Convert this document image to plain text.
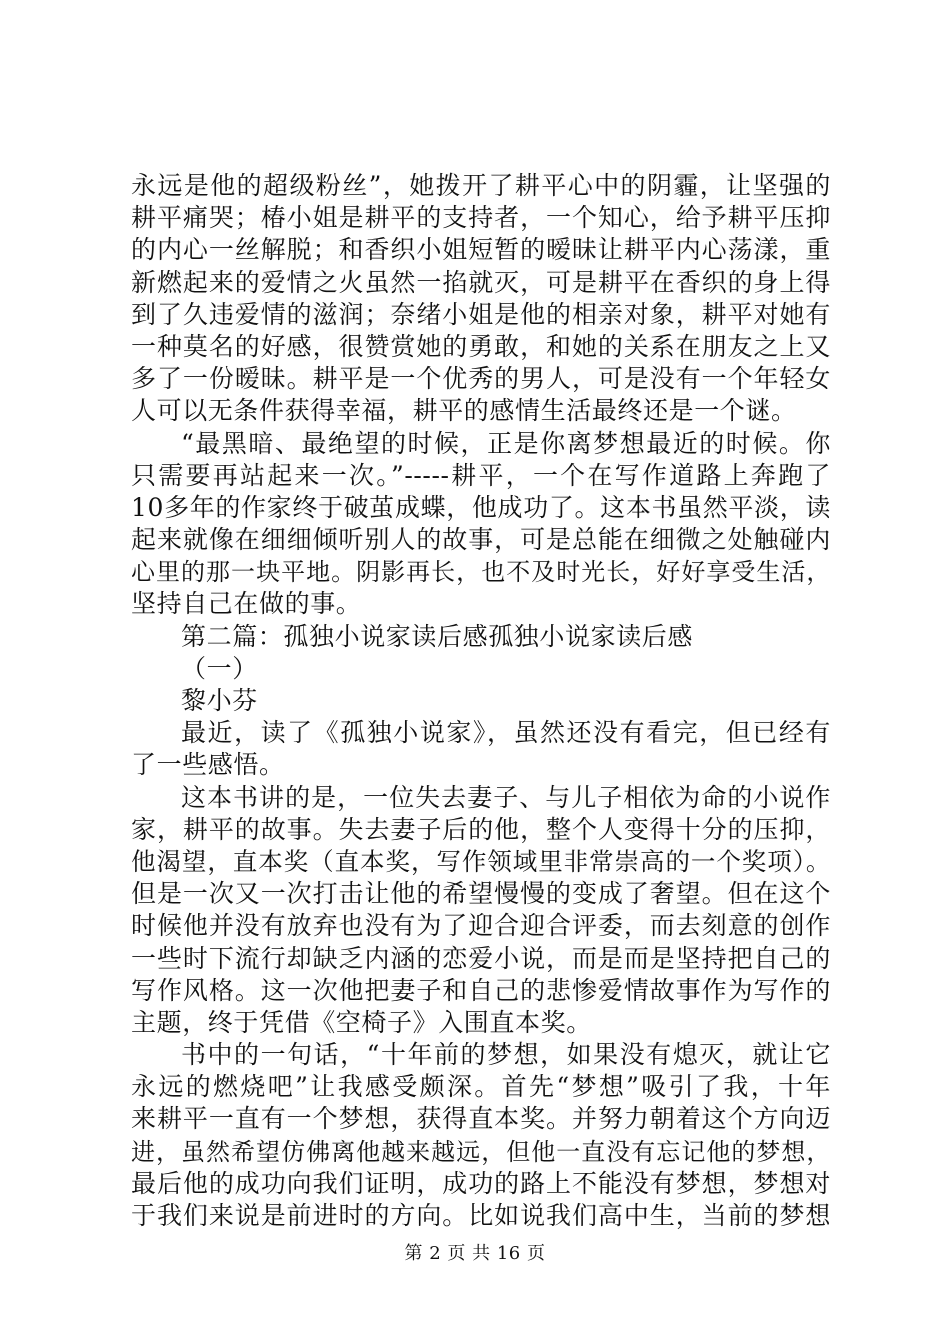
永远是他的超级粉丝”，她拨开了耕平心中的阴霾，让坚强的
耕平痛哭；椿小姐是耕平的支持者，一个知心，给予耕平压抑
的内心一丝解脱；和香织小姐短暂的暧昧让耕平内心荡漾，重
新燃起来的爱情之火虽然一掐就灭，可是耕平在香织的身上得
到了久违爱情的滋润；奈绪小姐是他的相亲对象，耕平对她有
一种莫名的好感，很赞赏她的勇敢，和她的关系在朋友之上又
多了一份暧昧。耕平是一个优秀的男人，可是没有一个年轻女
人可以无条件获得幸福，耕平的感情生活最终还是一个谜。
“最黑暗、最绝望的时候，正是你离梦想最近的时候。你
只需要再站起来一次。”-----耕平，一个在写作道路上奔跑了
10多年的作家终于破茧成蝶，他成功了。这本书虽然平淡，读
起来就像在细细倾听别人的故事，可是总能在细微之处触碰内
心里的那一块平地。阴影再长，也不及时光长，好好享受生活，
坚持自己在做的事。
第二篇：孤独小说家读后感孤独小说家读后感
（一）
黎小芬
最近，读了《孤独小说家》，虽然还没有看完，但已经有
了一些感悟。
这本书讲的是，一位失去妻子、与儿子相依为命的小说作
家，耕平的故事。失去妻子后的他，整个人变得十分的压抑，
他渴望，直本奖（直本奖，写作领域里非常崇高的一个奖项）。
但是一次又一次打击让他的希望慢慢的变成了奢望。但在这个
时候他并没有放弃也没有为了迎合迎合评委，而去刻意的创作
一些时下流行却缺乏内涵的恋爱小说，而是而是坚持把自己的
写作风格。这一次他把妻子和自己的悲惨爱情故事作为写作的
主题，终于凭借《空椅子》入围直本奖。
书中的一句话，“十年前的梦想，如果没有熄灭，就让它
永远的燃烧吧”让我感受颇深。首先“梦想”吸引了我，十年
来耕平一直有一个梦想，获得直本奖。并努力朝着这个方向迈
进，虽然希望仿佛离他越来越远，但他一直没有忘记他的梦想，
最后他的成功向我们证明，成功的路上不能没有梦想，梦想对
于我们来说是前进时的方向。比如说我们高中生，当前的梦想
第 2 页 共 16 页
